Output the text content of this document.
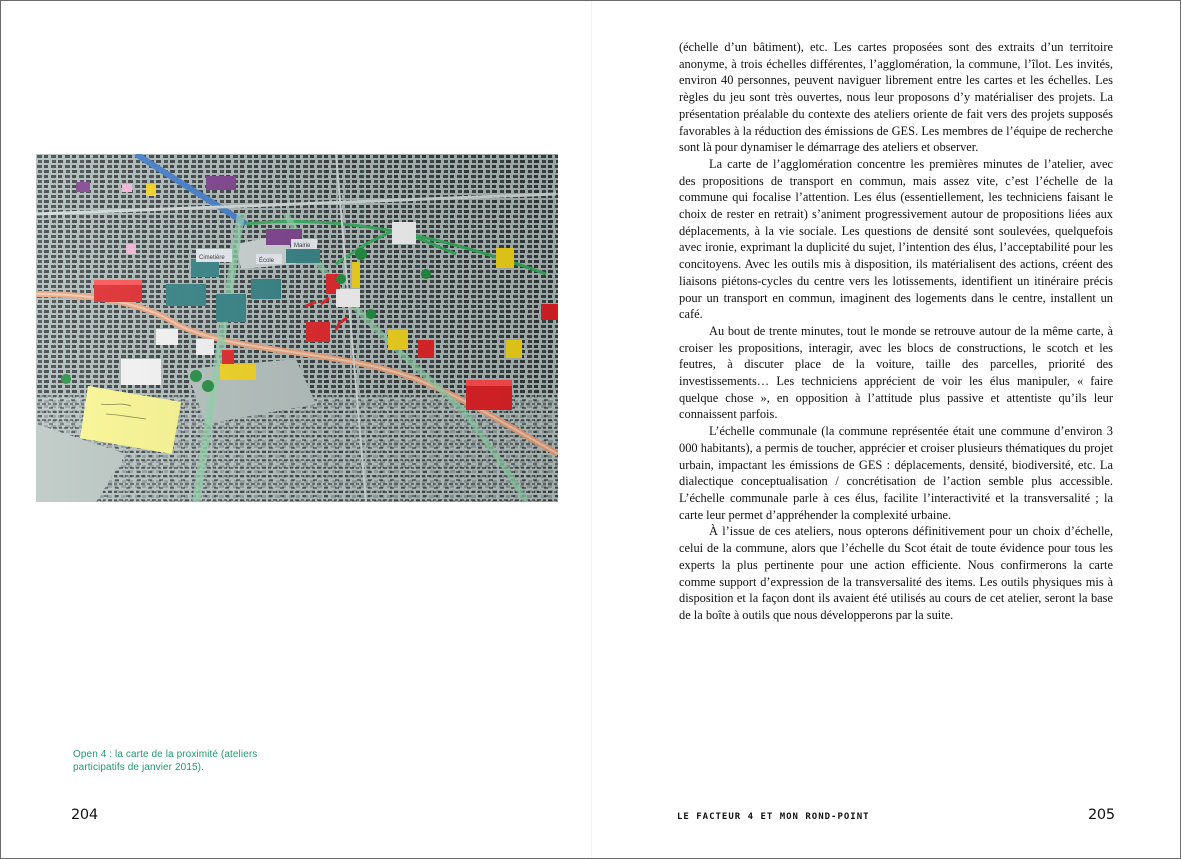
Open 4 : la carte de la proximité (ateliers

participatifs de janvier 2015).

204

(échelle d’un bâtiment), etc. Les cartes proposées sont des extraits d’un territoire anonyme, à trois échelles différentes, l’agglomération, la commune, l’îlot. Les invités, environ 40 personnes, peuvent naviguer librement entre les cartes et les échelles. Les règles du jeu sont très ouvertes, nous leur proposons d’y matérialiser des projets. La présentation préalable du contexte des ateliers oriente de fait vers des projets supposés favorables à la réduction des émissions de GES. Les membres de l’équipe de recherche sont là pour dynamiser le démarrage des ateliers et observer.

La carte de l’agglomération concentre les premières minutes de l’atelier, avec des propositions de transport en commun, mais assez vite, c’est l’échelle de la commune qui focalise l’attention. Les élus (essentiellement, les techniciens faisant le choix de rester en retrait) s’animent progressivement autour de propositions liées aux déplacements, à la vie sociale. Les questions de densité sont soulevées, quelquefois avec ironie, exprimant la duplicité du sujet, l’intention des élus, l’acceptabilité pour les concitoyens. Avec les outils mis à disposition, ils matérialisent des actions, créent des liaisons piétons-cycles du centre vers les lotissements, identifient un itinéraire précis pour un transport en commun, imaginent des logements dans le centre, installent un café.

Au bout de trente minutes, tout le monde se retrouve autour de la même carte, à croiser les propositions, interagir, avec les blocs de constructions, le scotch et les feutres, à discuter place de la voiture, taille des parcelles, priorité des investissements… Les techniciens apprécient de voir les élus manipuler, « faire quelque chose », en opposition à l’attitude plus passive et attentiste qu’ils leur connaissent parfois.

L’échelle communale (la commune représentée était une commune d’environ 3 000 habitants), a permis de toucher, apprécier et croiser plusieurs thématiques du projet urbain, impactant les émissions de GES : déplacements, densité, biodiversité, etc. La dialectique conceptualisation / concrétisation de l’action semble plus accessible. L’échelle communale parle à ces élus, facilite l’interactivité et la transversalité ; la carte leur permet d’appréhender la complexité urbaine.

À l’issue de ces ateliers, nous opterons définitivement pour un choix d’échelle, celui de la commune, alors que l’échelle du Scot était de toute évidence pour tous les experts la plus pertinente pour une action efficiente. Nous confirmerons la carte comme support d’expression de la transversalité des items. Les outils physiques mis à disposition et la façon dont ils avaient été utilisés au cours de cet atelier, seront la base de la boîte à outils que nous développerons par la suite.

LE FACTEUR 4 ET MON ROND-POINT	205
